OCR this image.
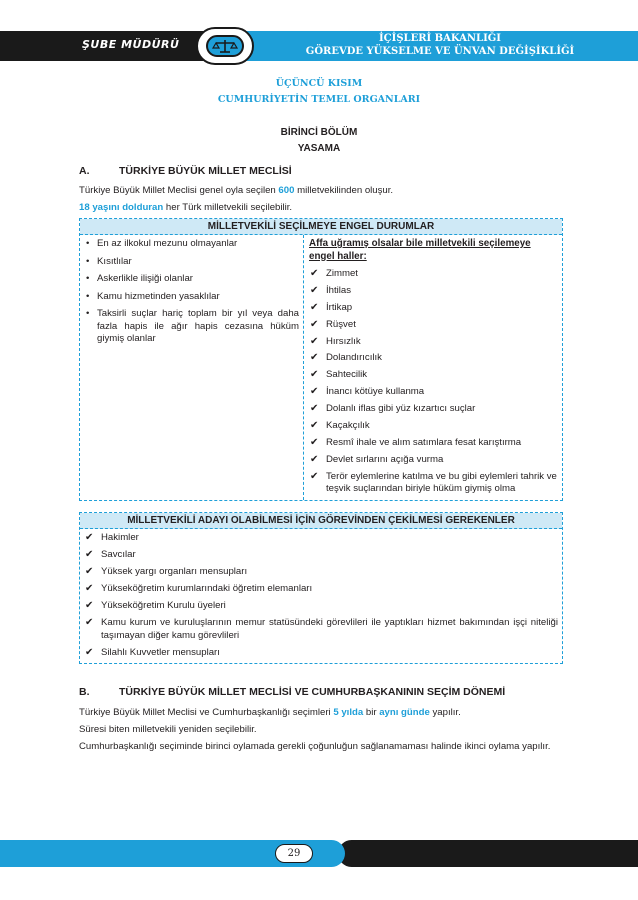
ŞUBE MÜDÜRÜ	İÇİŞLERİ BAKANLIĞI
GÖREVDE YÜKSELME VE ÜNVAN DEĞİŞİKLİĞİ
ÜÇÜNCÜ KISIM
CUMHURİYETİN TEMEL ORGANLARI
BİRİNCİ BÖLÜM
YASAMA
A.	TÜRKİYE BÜYÜK MİLLET MECLİSİ
Türkiye Büyük Millet Meclisi genel oyla seçilen 600 milletvekilinden oluşur.
18 yaşını dolduran her Türk milletvekili seçilebilir.
MİLLETVEKİLİ SEÇİLMEYE ENGEL DURUMLAR
• En az ilkokul mezunu olmayanlar
• Kısıtlılar
• Askerlikle ilişiği olanlar
• Kamu hizmetinden yasaklılar
• Taksirli suçlar hariç toplam bir yıl veya daha fazla hapis ile ağır hapis cezasına hüküm giymiş olanlar
Affa uğramış olsalar bile milletvekili seçilemeye engel haller:
✔ Zimmet
✔ İhtilas
✔ İrtikap
✔ Rüşvet
✔ Hırsızlık
✔ Dolandırıcılık
✔ Sahtecilik
✔ İnancı kötüye kullanma
✔ Dolanlı iflas gibi yüz kızartıcı suçlar
✔ Kaçakçılık
✔ Resmî ihale ve alım satımlara fesat karıştırma
✔ Devlet sırlarını açığa vurma
✔ Terör eylemlerine katılma ve bu gibi eylemleri tahrik ve teşvik suçlarından biriyle hüküm giymiş olma
MİLLETVEKİLİ ADAYI OLABİLMESİ İÇİN GÖREVİNDEN ÇEKİLMESİ GEREKENLER
✔ Hakimler
✔ Savcılar
✔ Yüksek yargı organları mensupları
✔ Yükseköğretim kurumlarındaki öğretim elemanları
✔ Yükseköğretim Kurulu üyeleri
✔ Kamu kurum ve kuruluşlarının memur statüsündeki görevlileri ile yaptıkları hizmet bakımından işçi niteliği taşımayan diğer kamu görevlileri
✔ Silahlı Kuvvetler mensupları
B.	TÜRKİYE BÜYÜK MİLLET MECLİSİ VE CUMHURBAŞKANININ SEÇİM DÖNEMİ
Türkiye Büyük Millet Meclisi ve Cumhurbaşkanlığı seçimleri 5 yılda bir aynı günde yapılır.
Süresi biten milletvekili yeniden seçilebilir.
Cumhurbaşkanlığı seçiminde birinci oylamada gerekli çoğunluğun sağlanamaması halinde ikinci oylama yapılır.
29
